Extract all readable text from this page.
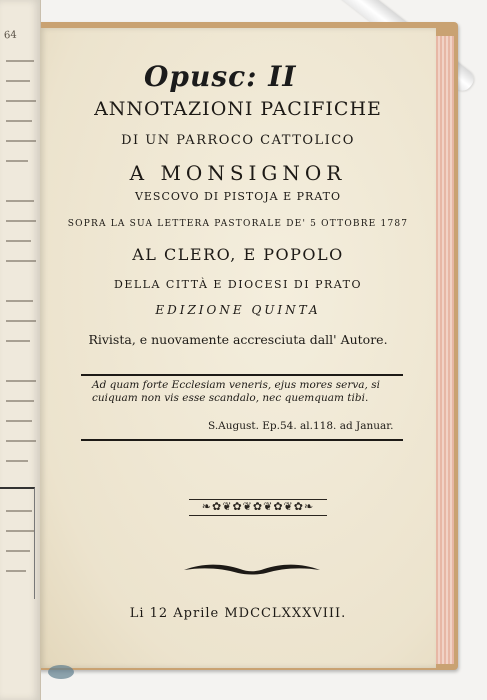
64
Opusc: II
ANNOTAZIONI PACIFICHE
DI UN PARROCO CATTOLICO
A MONSIGNOR
VESCOVO DI PISTOJA E PRATO
SOPRA LA SUA LETTERA PASTORALE DE' 5 OTTOBRE 1787
AL CLERO, E POPOLO
DELLA CITTÀ E DIOCESI DI PRATO
EDIZIONE QUINTA
Rivista, e nuovamente accresciuta dall' Autore.
Ad quam forte Ecclesiam veneris, ejus mores serva, si cuiquam non vis esse scandalo, nec quemquam tibi.
S.August. Ep.54. al.118. ad Januar.
❧✿❦✿❦✿❦✿❦✿❧
Li 12 Aprile MDCCLXXXVIII.
